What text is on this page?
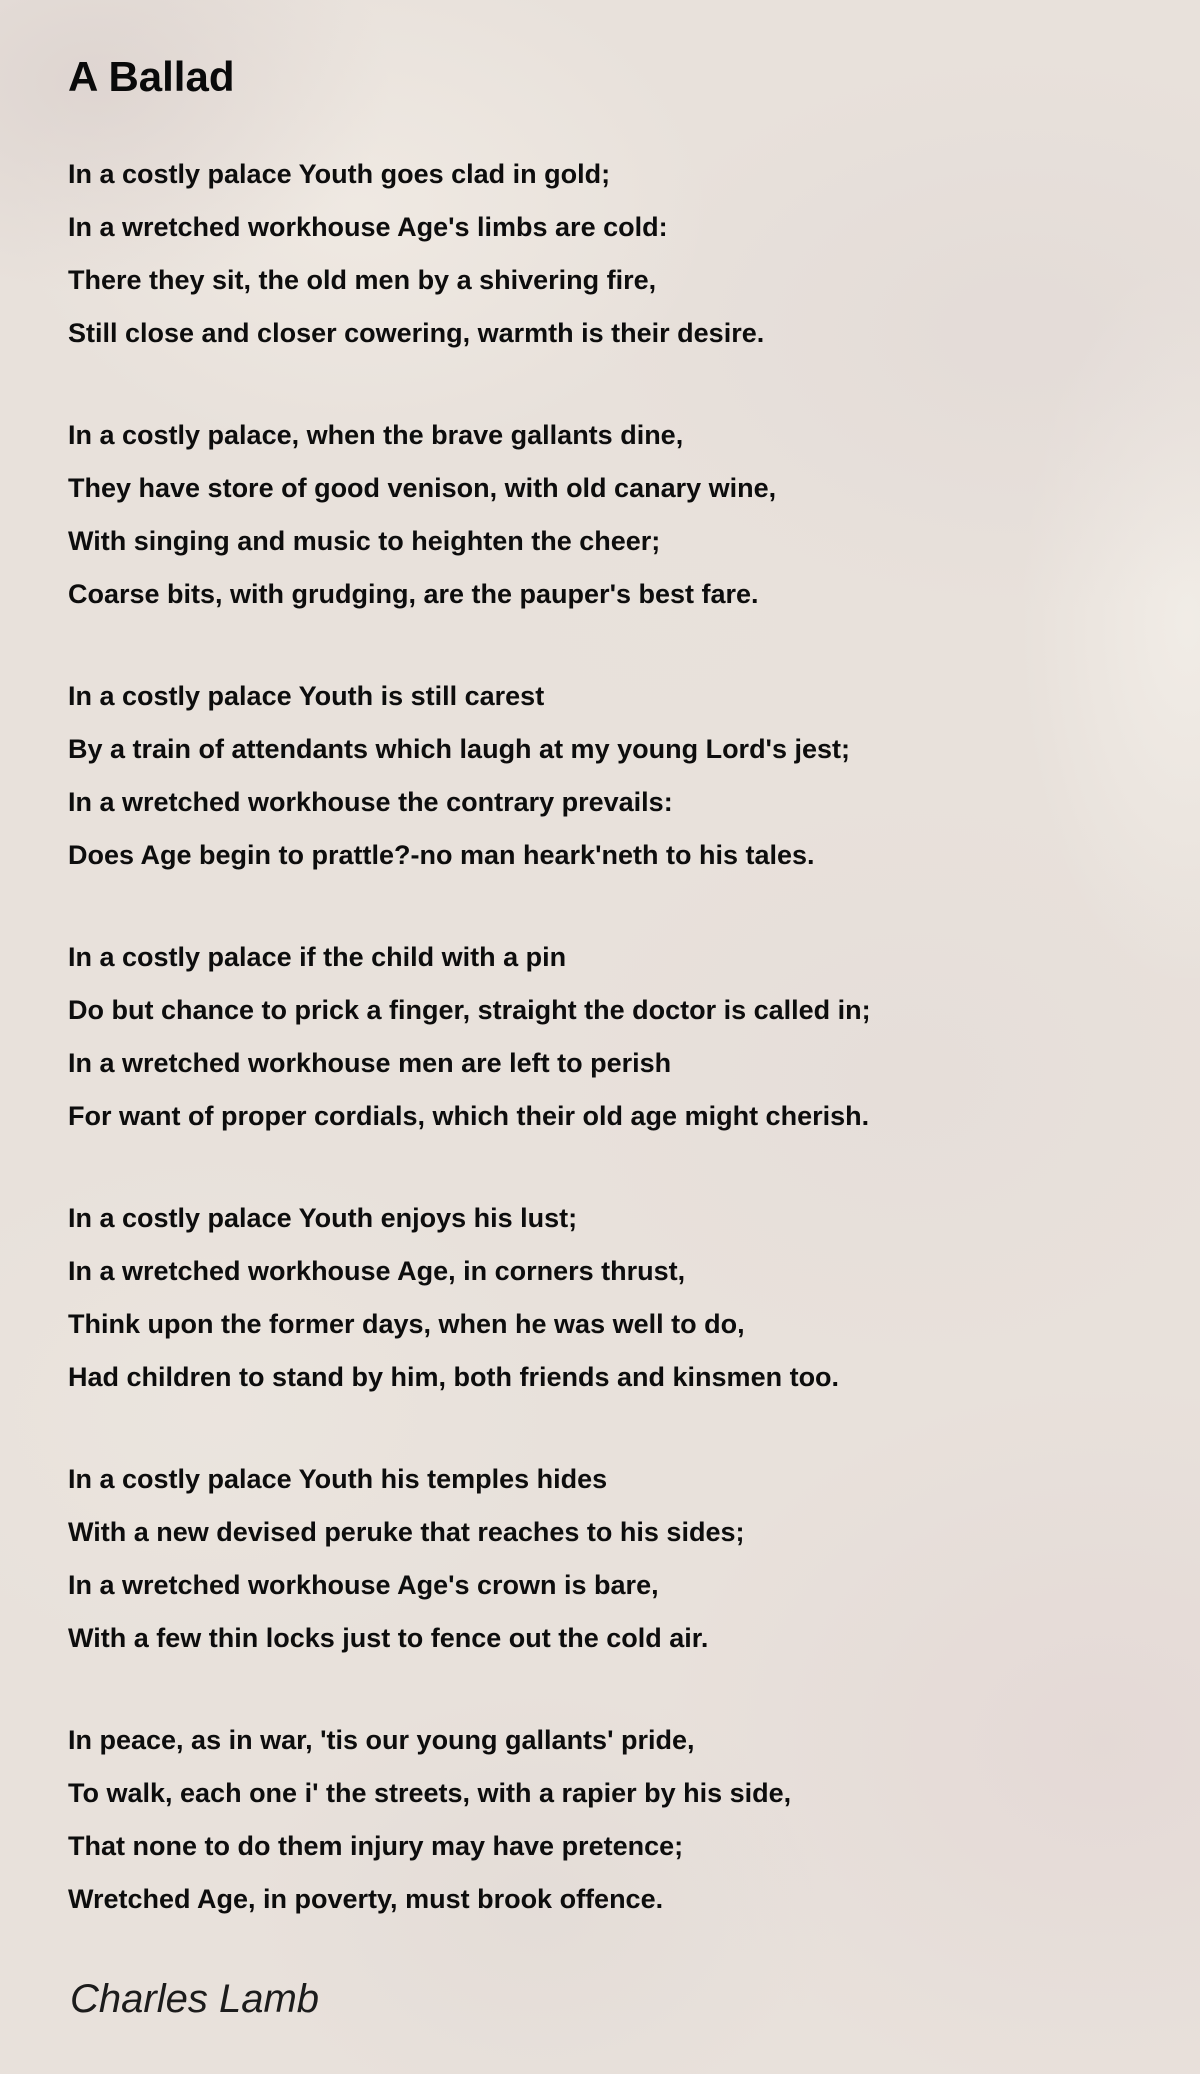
A Ballad
In a costly palace Youth goes clad in gold;
In a wretched workhouse Age's limbs are cold:
There they sit, the old men by a shivering fire,
Still close and closer cowering, warmth is their desire.
In a costly palace, when the brave gallants dine,
They have store of good venison, with old canary wine,
With singing and music to heighten the cheer;
Coarse bits, with grudging, are the pauper's best fare.
In a costly palace Youth is still carest
By a train of attendants which laugh at my young Lord's jest;
In a wretched workhouse the contrary prevails:
Does Age begin to prattle?-no man heark'neth to his tales.
In a costly palace if the child with a pin
Do but chance to prick a finger, straight the doctor is called in;
In a wretched workhouse men are left to perish
For want of proper cordials, which their old age might cherish.
In a costly palace Youth enjoys his lust;
In a wretched workhouse Age, in corners thrust,
Think upon the former days, when he was well to do,
Had children to stand by him, both friends and kinsmen too.
In a costly palace Youth his temples hides
With a new devised peruke that reaches to his sides;
In a wretched workhouse Age's crown is bare,
With a few thin locks just to fence out the cold air.
In peace, as in war, 'tis our young gallants' pride,
To walk, each one i' the streets, with a rapier by his side,
That none to do them injury may have pretence;
Wretched Age, in poverty, must brook offence.
Charles Lamb
